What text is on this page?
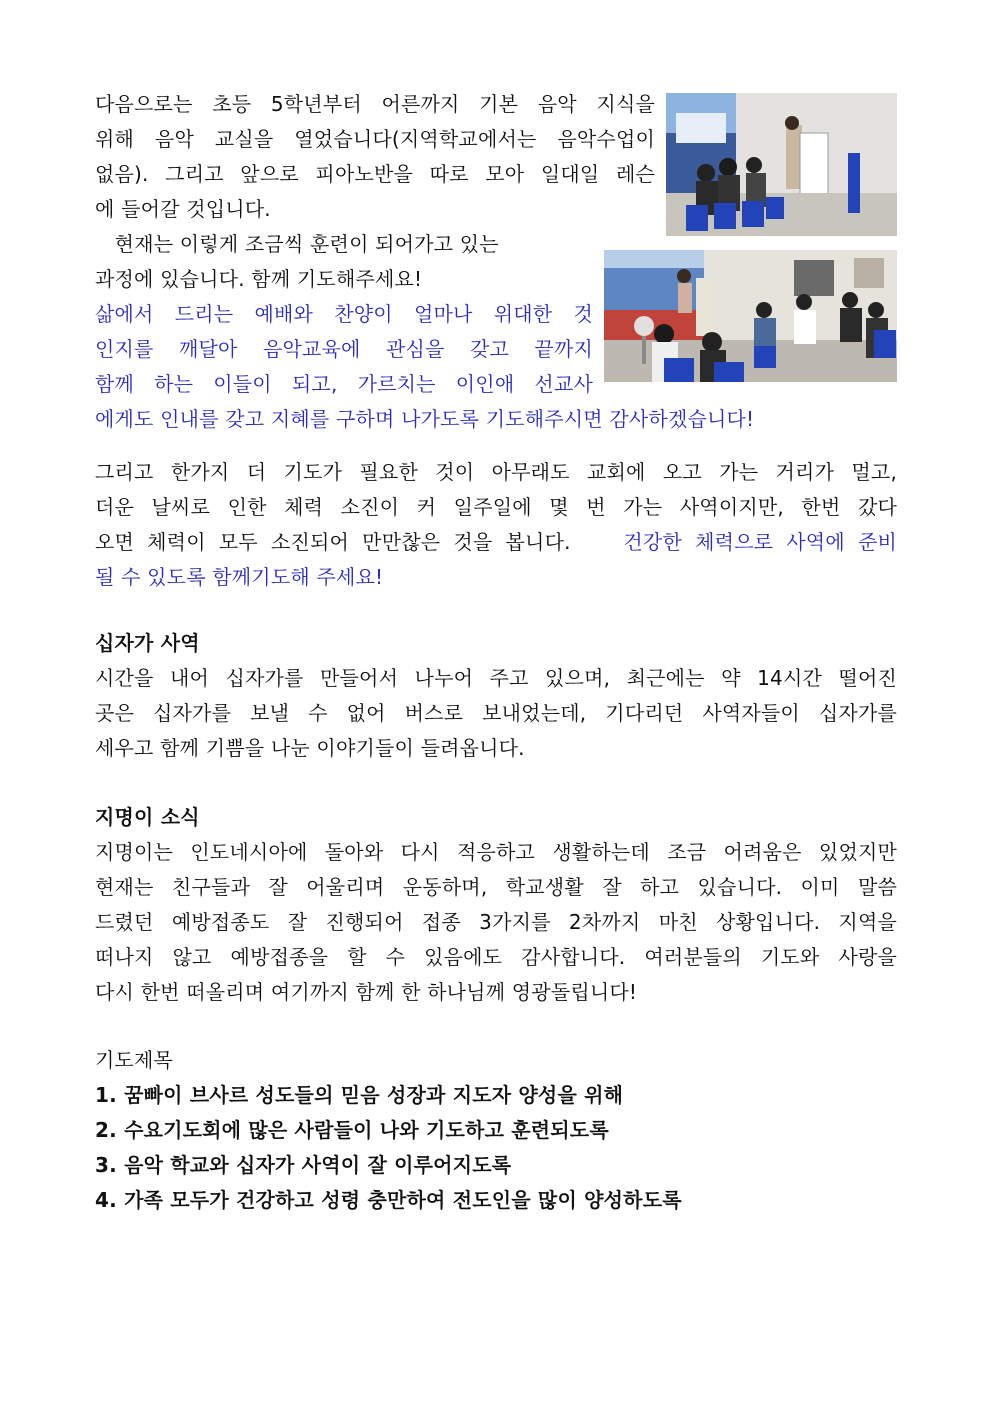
다음으로는 초등 5학년부터 어른까지 기본 음악 지식을
위해 음악 교실을 열었습니다(지역학교에서는 음악수업이
없음). 그리고 앞으로 피아노반을 따로 모아 일대일 레슨
에 들어갈 것입니다.
현재는 이렇게 조금씩 훈련이 되어가고 있는
과정에 있습니다. 함께 기도해주세요!
삶에서 드리는 예배와 찬양이 얼마나 위대한 것
인지를 깨달아 음악교육에 관심을 갖고 끝까지
함께 하는 이들이 되고, 가르치는 이인애 선교사
에게도 인내를 갖고 지혜를 구하며 나가도록 기도해주시면 감사하겠습니다!
그리고 한가지 더 기도가 필요한 것이 아무래도 교회에 오고 가는 거리가 멀고,
더운 날씨로 인한 체력 소진이 커 일주일에 몇 번 가는 사역이지만, 한번 갔다
오면  체력이  모두  소진되어  만만찮은  것을  봅니다. 건강한  체력으로  사역에  준비
될 수 있도록 함께기도해 주세요!
십자가 사역
시간을 내어 십자가를 만들어서 나누어 주고 있으며, 최근에는 약 14시간 떨어진
곳은 십자가를 보낼 수 없어 버스로 보내었는데, 기다리던 사역자들이 십자가를
세우고 함께 기쁨을 나눈 이야기들이 들려옵니다.
지명이 소식
지명이는 인도네시아에 돌아와 다시 적응하고 생활하는데 조금 어려움은 있었지만
현재는 친구들과 잘 어울리며 운동하며, 학교생활 잘 하고 있습니다. 이미 말씀
드렸던 예방접종도 잘 진행되어 접종 3가지를 2차까지 마친 상황입니다. 지역을
떠나지 않고 예방접종을 할 수 있음에도 감사합니다. 여러분들의 기도와 사랑을
다시 한번 떠올리며 여기까지 함께 한 하나님께 영광돌립니다!
기도제목
1. 꿈빠이 브사르 성도들의 믿음 성장과 지도자 양성을 위해
2. 수요기도회에 많은 사람들이 나와 기도하고 훈련되도록
3. 음악 학교와 십자가 사역이 잘 이루어지도록
4. 가족 모두가 건강하고 성령 충만하여 전도인을 많이 양성하도록
